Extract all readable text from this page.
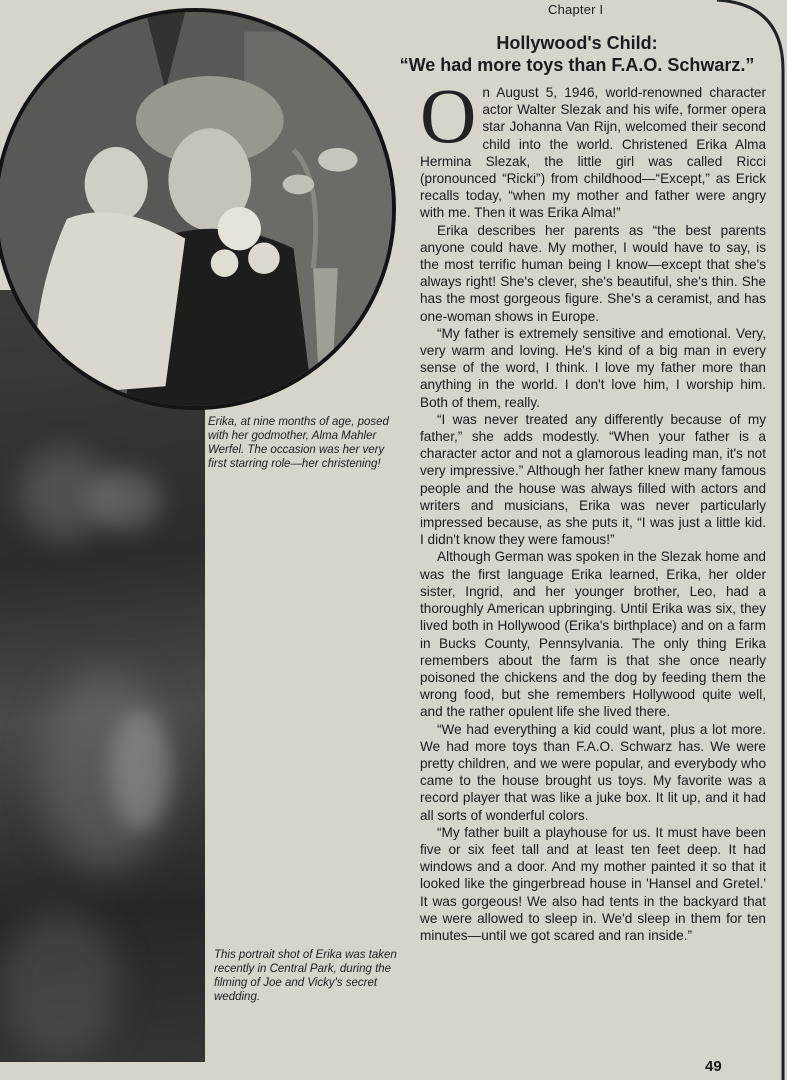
Chapter I
Hollywood's Child:
“We had more toys than F.A.O. Schwarz.”
Erika, at nine months of age, posed with her godmother, Alma Mahler Werfel. The occasion was her very first starring role—her christening!
This portrait shot of Erika was taken recently in Central Park, during the filming of Joe and Vicky's secret wedding.

On August 5, 1946, world-renowned character actor Walter Slezak and his wife, former opera star Johanna Van Rijn, welcomed their second child into the world. Christened Erika Alma Hermina Slezak, the little girl was called Ricci (pronounced “Ricki”) from childhood—“Except,” as Erick recalls today, “when my mother and father were angry with me. Then it was Erika Alma!”

Erika describes her parents as “the best parents anyone could have. My mother, I would have to say, is the most terrific human being I know—except that she's always right! She's clever, she's beautiful, she's thin. She has the most gorgeous figure. She's a ceramist, and has one-woman shows in Europe.

“My father is extremely sensitive and emotional. Very, very warm and loving. He's kind of a big man in every sense of the word, I think. I love my father more than anything in the world. I don't love him, I worship him. Both of them, really.

“I was never treated any differently because of my father,” she adds modestly. “When your father is a character actor and not a glamorous leading man, it's not very impressive.” Although her father knew many famous people and the house was always filled with actors and writers and musicians, Erika was never particularly impressed because, as she puts it, “I was just a little kid. I didn't know they were famous!”

Although German was spoken in the Slezak home and was the first language Erika learned, Erika, her older sister, Ingrid, and her younger brother, Leo, had a thoroughly American upbringing. Until Erika was six, they lived both in Hollywood (Erika's birthplace) and on a farm in Bucks County, Pennsylvania. The only thing Erika remembers about the farm is that she once nearly poisoned the chickens and the dog by feeding them the wrong food, but she remembers Hollywood quite well, and the rather opulent life she lived there.

“We had everything a kid could want, plus a lot more. We had more toys than F.A.O. Schwarz has. We were pretty children, and we were popular, and everybody who came to the house brought us toys. My favorite was a record player that was like a juke box. It lit up, and it had all sorts of wonderful colors.

“My father built a playhouse for us. It must have been five or six feet tall and at least ten feet deep. It had windows and a door. And my mother painted it so that it looked like the gingerbread house in 'Hansel and Gretel.' It was gorgeous! We also had tents in the backyard that we were allowed to sleep in. We'd sleep in them for ten minutes—until we got scared and ran inside.”

49
